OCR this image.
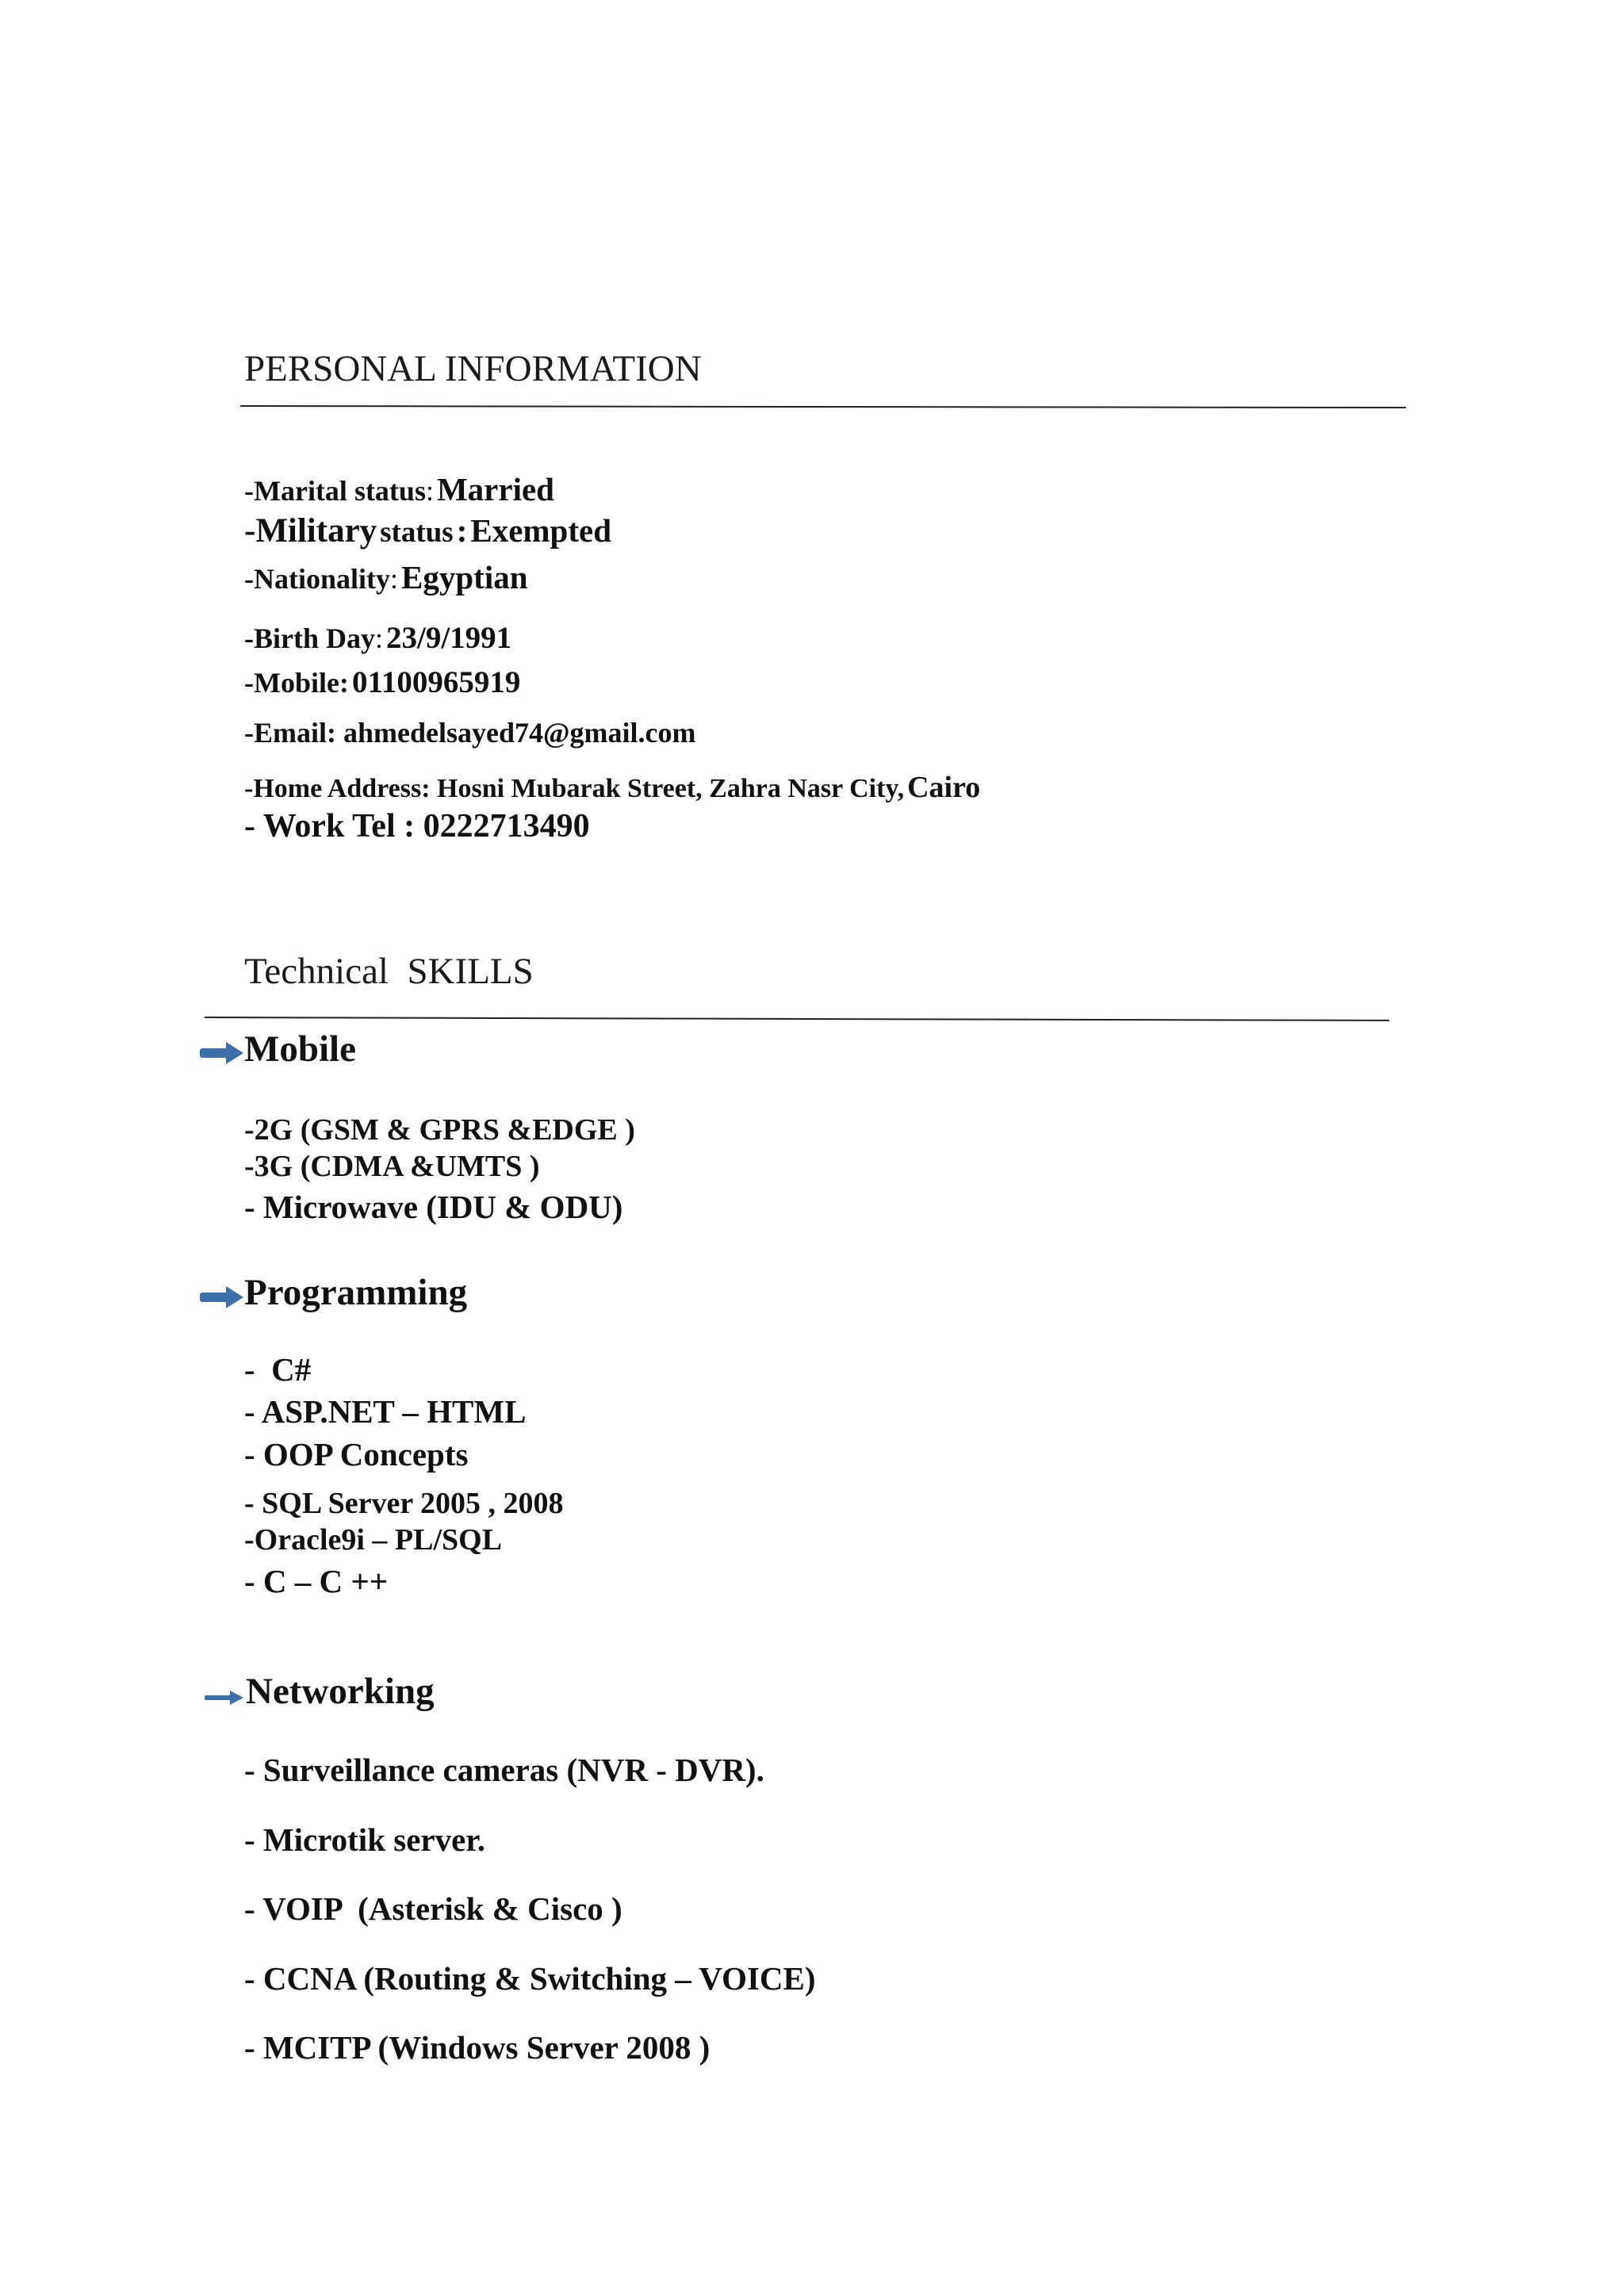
PERSONAL INFORMATION
-Marital status: Married
-Military status : Exempted
-Nationality: Egyptian
-Birth Day: 23/9/1991
-Mobile: 01100965919
-Email: ahmedelsayed74@gmail.com
-Home Address: Hosni Mubarak Street, Zahra Nasr City, Cairo
- Work Tel : 0222713490
Technical  SKILLS
Mobile
-2G (GSM & GPRS &EDGE )
-3G (CDMA &UMTS )
- Microwave (IDU & ODU)
Programming
-  C#
- ASP.NET – HTML
- OOP Concepts
- SQL Server 2005 , 2008
-Oracle9i – PL/SQL
- C – C ++
Networking
- Surveillance cameras (NVR - DVR).
- Microtik server.
- VOIP  (Asterisk & Cisco )
- CCNA (Routing & Switching – VOICE)
- MCITP (Windows Server 2008 )
